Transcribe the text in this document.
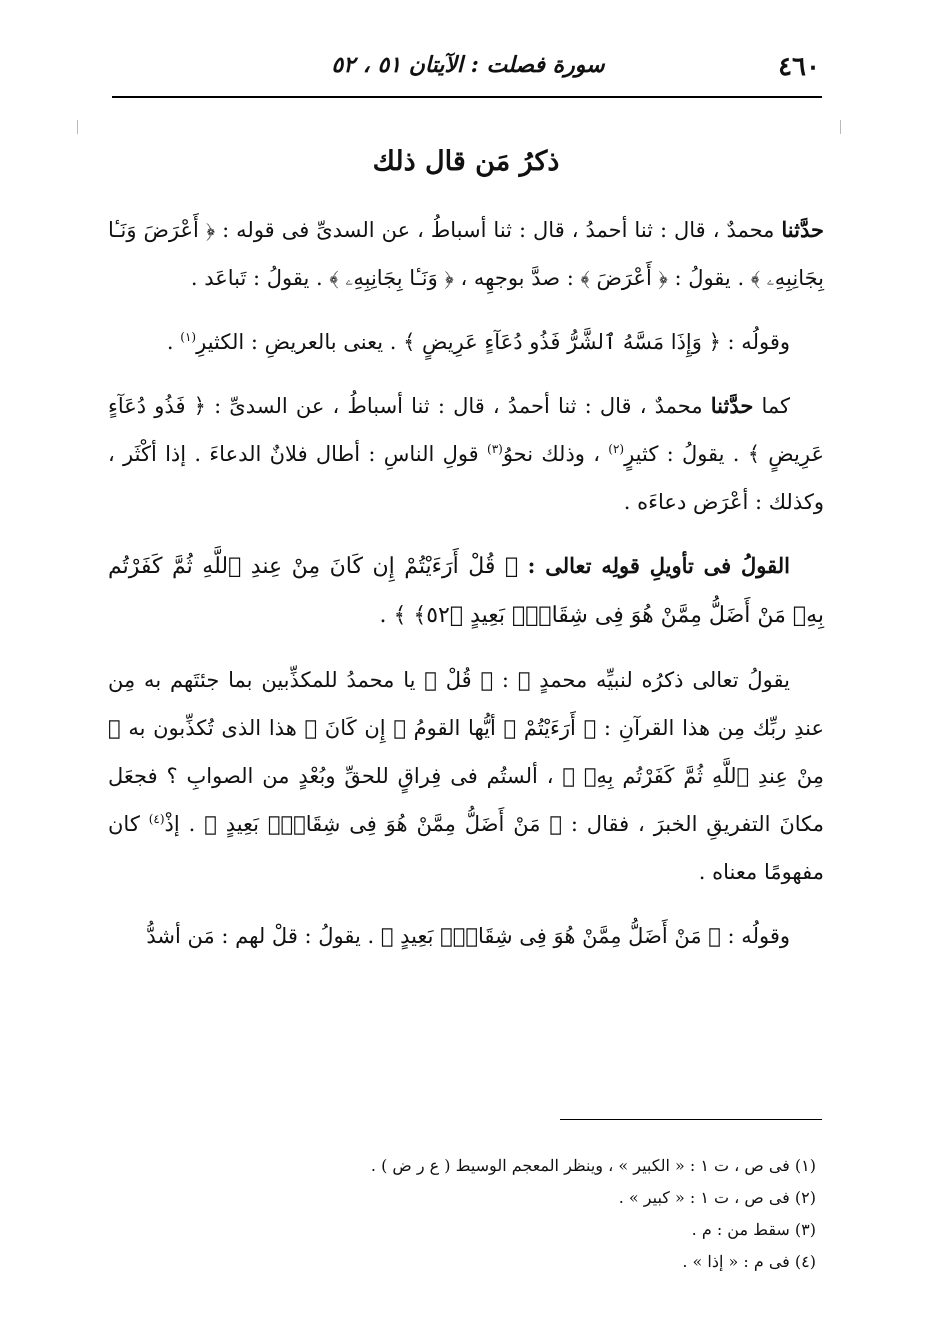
٤٦٠
سورة فصلت : الآيتان ٥١ ، ٥٢
ذكرُ مَن قال ذلك

حدَّثنا محمدٌ ، قال : ثنا أحمدُ ، قال : ثنا أسباطُ ، عن السدىِّ فى قوله : ﴿ أَعْرَضَ وَنَـٔا بِجَانِبِهِۦ ﴾ . يقولُ : ﴿ أَعْرَضَ ﴾ : صدَّ بوجهِه ، ﴿ وَنَـٔا بِجَانِبِهِۦ ﴾ . يقولُ : تَباعَد .

وقولُه : ﴿ وَإِذَا مَسَّهُ ٱلشَّرُّ فَذُو دُعَآءٍ عَرِيضٍ ﴾ . يعنى بالعريضِ : الكثيرِ$^{(١)}$ .

كما حدَّثنا محمدٌ ، قال : ثنا أحمدُ ، قال : ثنا أسباطُ ، عن السدىِّ : ﴿ فَذُو دُعَآءٍ عَرِيضٍ ﴾ . يقولُ : كثيرٍ$^{(٢)}$ ، وذلك نحوُ$^{(٣)}$ قولِ الناسِ : أطال فلانٌ الدعاءَ . إذا أكْثَر ، وكذلك : أعْرَض دعاءَه .

القولُ فى تأويلِ قولِه تعالى : ﴿ قُلْ أَرَءَيْتُمْ إِن كَانَ مِنْ عِندِ ٱللَّهِ ثُمَّ كَفَرْتُم بِهِۦ مَنْ أَضَلُّ مِمَّنْ هُوَ فِى شِقَاقٍۭ بَعِيدٍ ﴿٥٢﴾ ﴾ .

يقولُ تعالى ذكرُه لنبيِّه محمدٍ ﷺ : ﴿ قُلْ ﴾ يا محمدُ للمكذِّبين بما جئتَهم به مِن عندِ ربِّك مِن هذا القرآنِ : ﴿ أَرَءَيْتُمْ ﴾ أيُّها القومُ ﴿ إِن كَانَ ﴾ هذا الذى تُكذِّبون به ﴿ مِنْ عِندِ ٱللَّهِ ثُمَّ كَفَرْتُم بِهِۦ ﴾ ، ألستُم فى فِراقٍ للحقِّ وبُعْدٍ من الصوابِ ؟ فجعَل مكانَ التفريقِ الخبرَ ، فقال : ﴿ مَنْ أَضَلُّ مِمَّنْ هُوَ فِى شِقَاقٍۭ بَعِيدٍ ﴾ . إذْ$^{(٤)}$ كان مفهومًا معناه .

وقولُه : ﴿ مَنْ أَضَلُّ مِمَّنْ هُوَ فِى شِقَاقٍۭ بَعِيدٍ ﴾ . يقولُ : قلْ لهم : مَن أشدُّ

(١) فى ص ، ت ١ : « الكبير » ، وينظر المعجم الوسيط ( ع ر ض ) .
(٢) فى ص ، ت ١ : « كبير » .
(٣) سقط من : م .
(٤) فى م : « إذا » .
